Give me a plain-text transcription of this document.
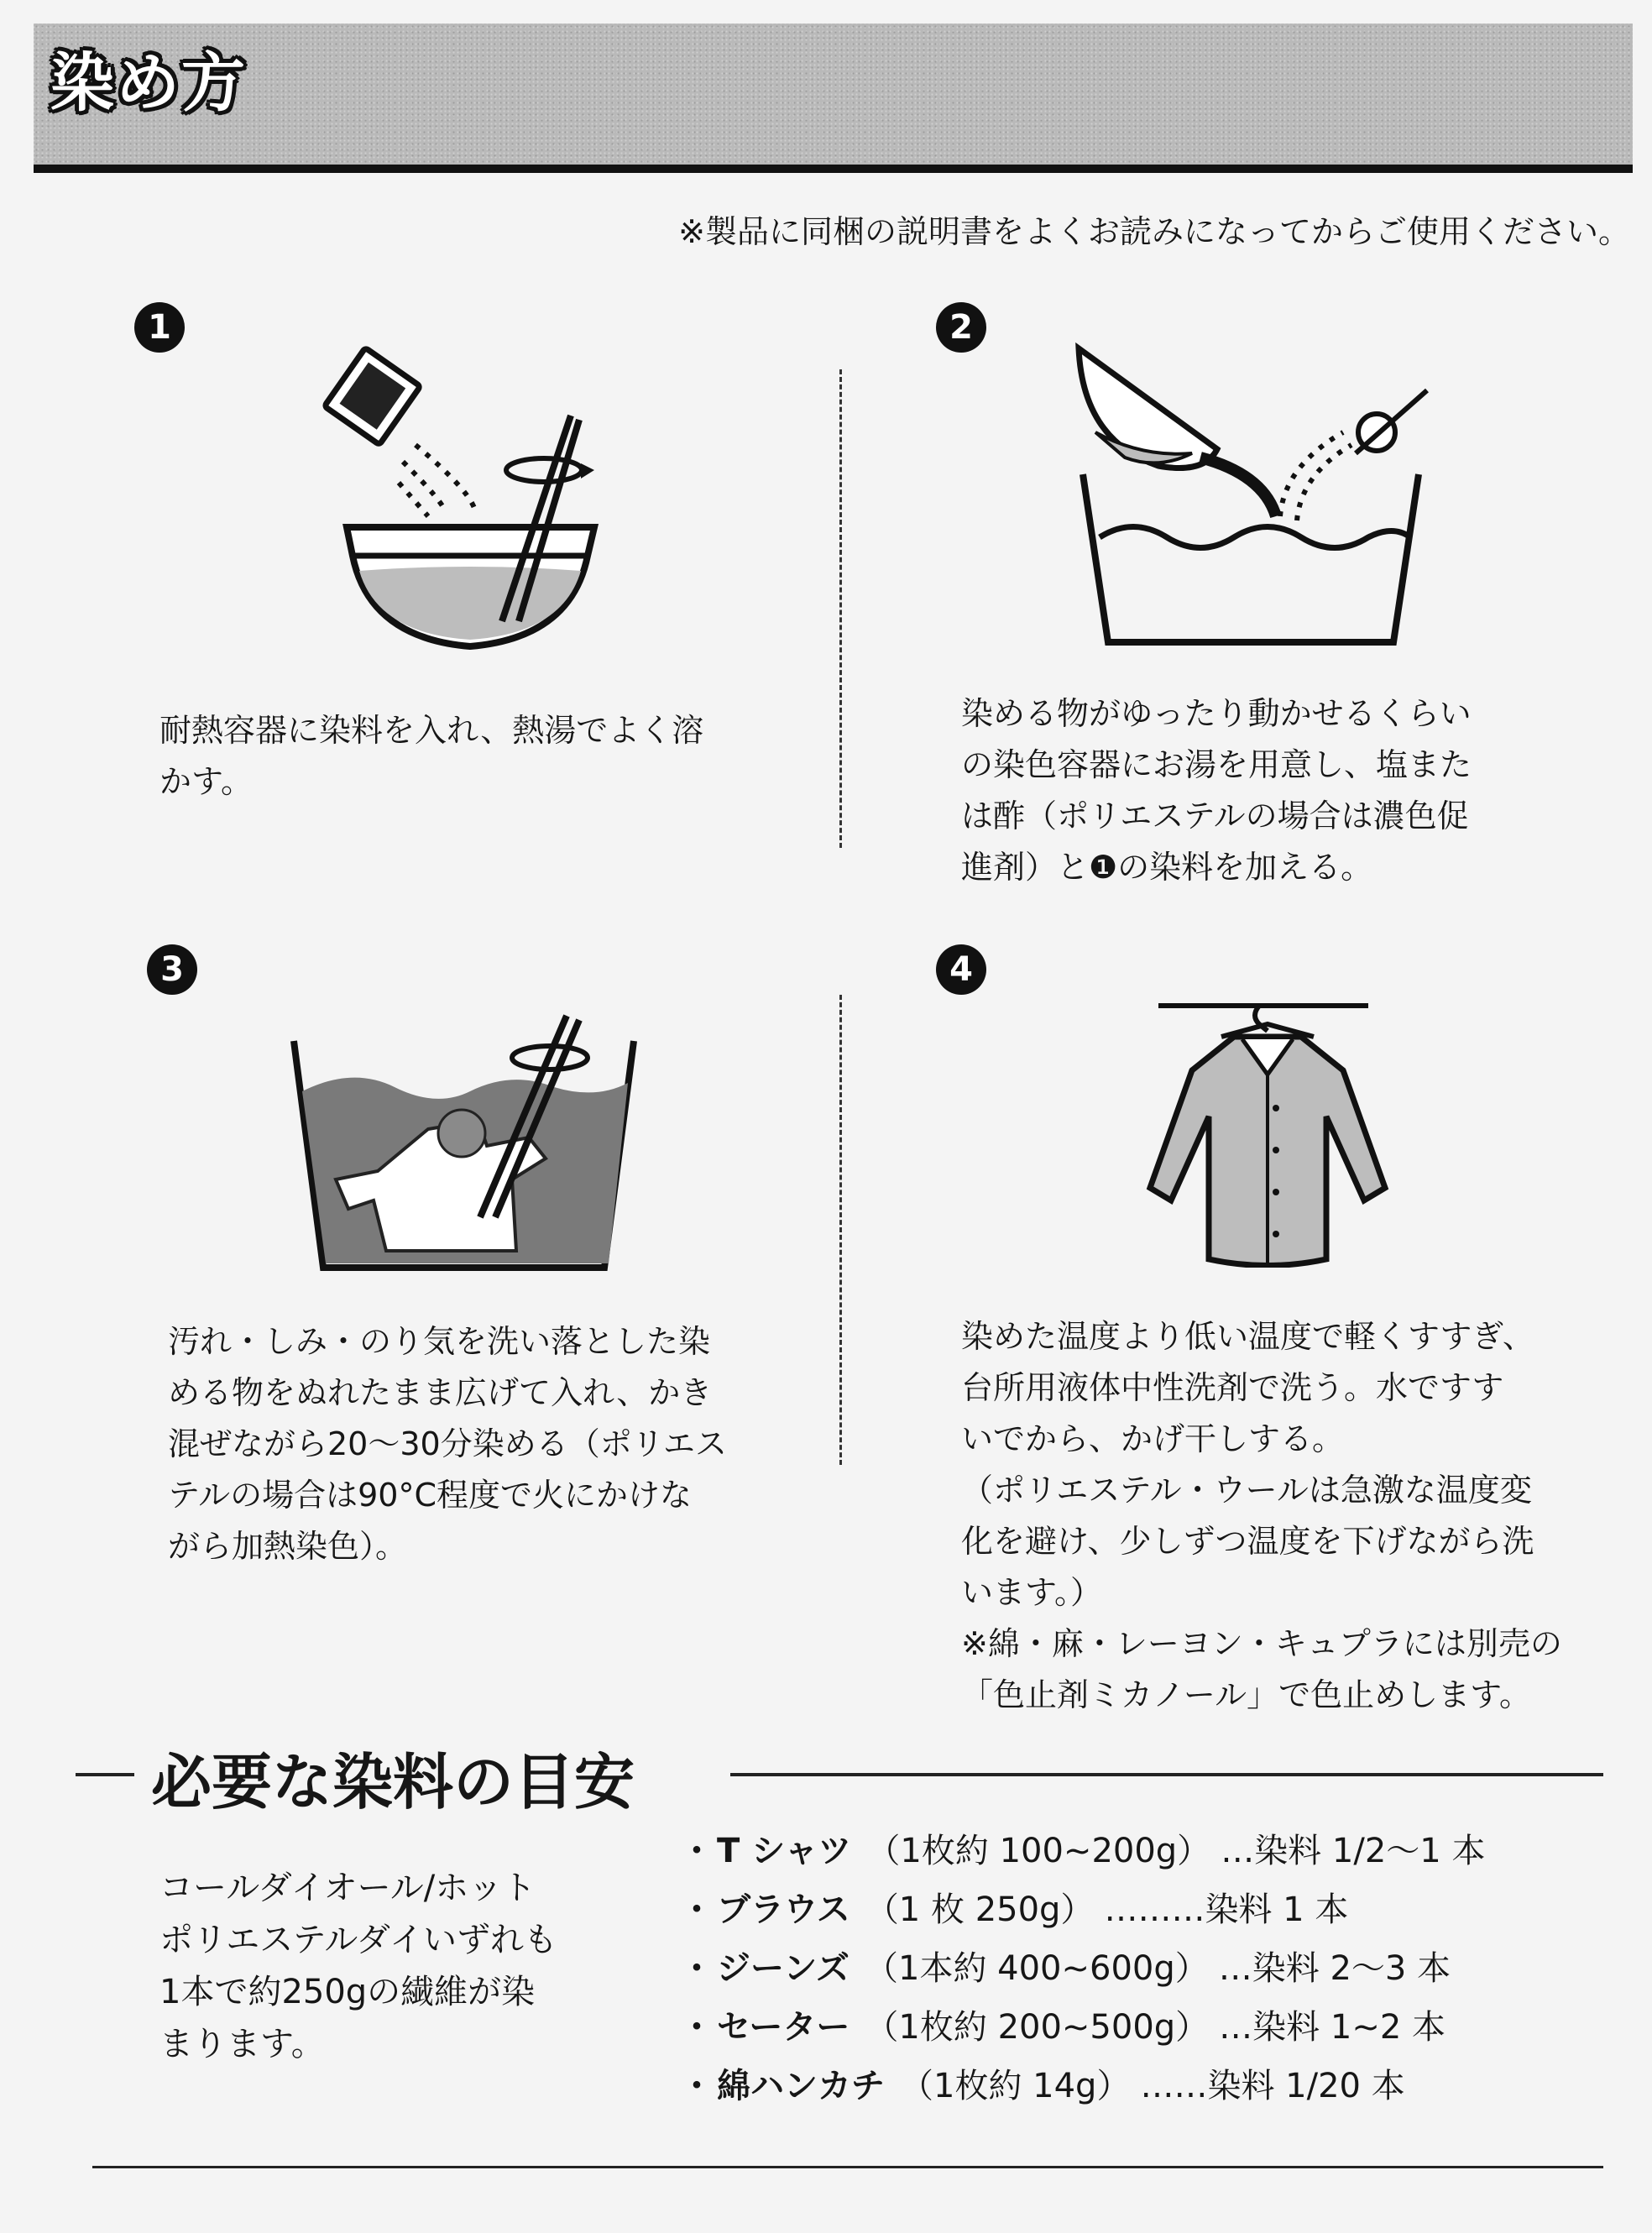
染め方
※製品に同梱の説明書をよくお読みになってからご使用ください。
1	2
3	4
耐熱容器に染料を入れ、熱湯でよく溶
かす。
染める物がゆったり動かせるくらい
の染色容器にお湯を用意し、塩また
は酢（ポリエステルの場合は濃色促
進剤）と❶の染料を加える。
汚れ・しみ・のり気を洗い落とした染
める物をぬれたまま広げて入れ、かき
混ぜながら20〜30分染める（ポリエス
テルの場合は90°C程度で火にかけな
がら加熱染色）。
染めた温度より低い温度で軽くすすぎ、
台所用液体中性洗剤で洗う。水ですす
いでから、かげ干しする。
（ポリエステル・ウールは急激な温度変
化を避け、少しずつ温度を下げながら洗
います。）
※綿・麻・レーヨン・キュプラには別売の
「色止剤ミカノール」で色止めします。
必要な染料の目安
コールダイオール/ホット
ポリエステルダイいずれも
1本で約250gの繊維が染
まります。
・ T シャツ （1枚約 100~200g） …染料 1/2〜1 本
・ ブラウス （1 枚 250g） ………染料 1 本
・ ジーンズ （1本約 400~600g） …染料 2〜3 本
・ セーター （1枚約 200~500g） …染料 1~2 本
・ 綿ハンカチ （1枚約 14g） ……染料 1/20 本
